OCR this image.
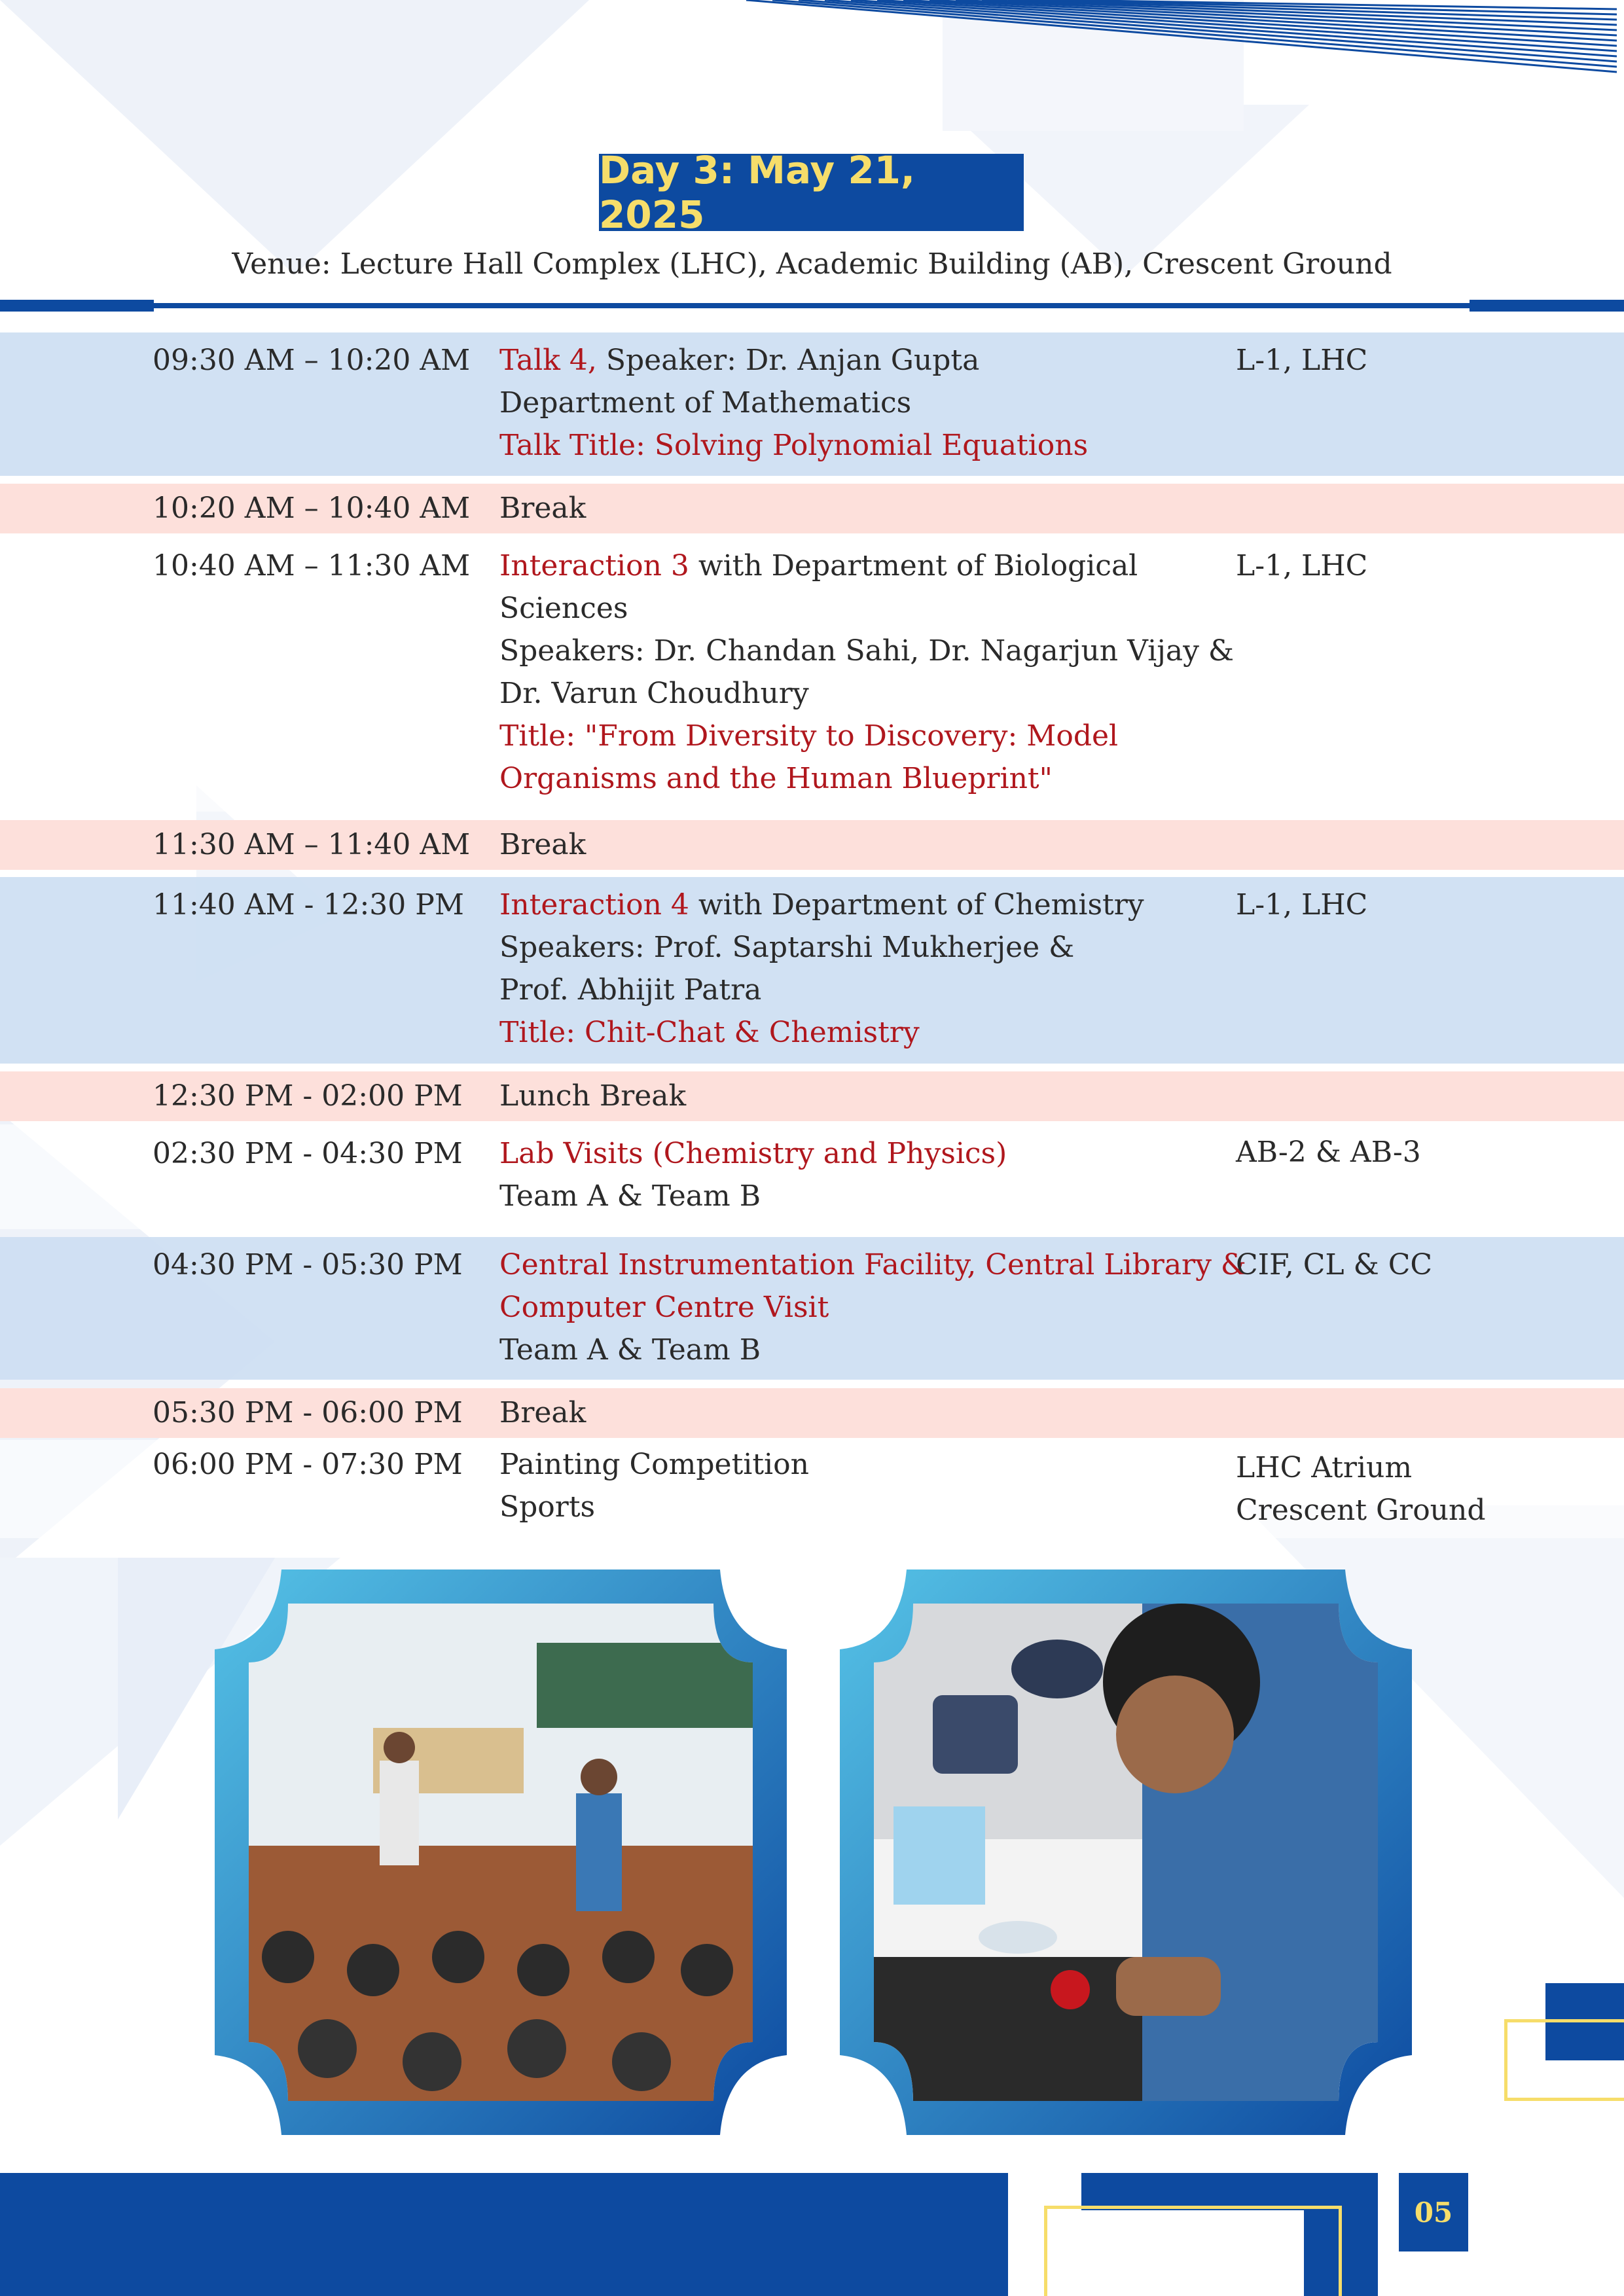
Day 3: May 21, 2025
Venue: Lecture Hall Complex (LHC), Academic Building (AB), Crescent Ground
09:30 AM – 10:20 AM Talk 4, Speaker: Dr. Anjan Gupta
Department of Mathematics
Talk Title: Solving Polynomial Equations
L-1, LHC
10:20 AM – 10:40 AM Break
10:40 AM – 11:30 AM Interaction 3 with Department of Biological
Sciences
Speakers: Dr. Chandan Sahi, Dr. Nagarjun Vijay &
Dr. Varun Choudhury
Title: "From Diversity to Discovery: Model
Organisms and the Human Blueprint"
L-1, LHC
11:30 AM – 11:40 AM Break
11:40 AM - 12:30 PM Interaction 4 with Department of Chemistry
Speakers: Prof. Saptarshi Mukherjee &
Prof. Abhijit Patra
Title: Chit-Chat & Chemistry
L-1, LHC
12:30 PM - 02:00 PM Lunch Break
02:30 PM - 04:30 PM Lab Visits (Chemistry and Physics)
Team A & Team B
AB-2 & AB-3
04:30 PM - 05:30 PM Central Instrumentation Facility, Central Library &
Computer Centre Visit
Team A & Team B
CIF, CL & CC
05:30 PM - 06:00 PM Break
06:00 PM - 07:30 PM Painting Competition
Sports
LHC Atrium
Crescent Ground
05
